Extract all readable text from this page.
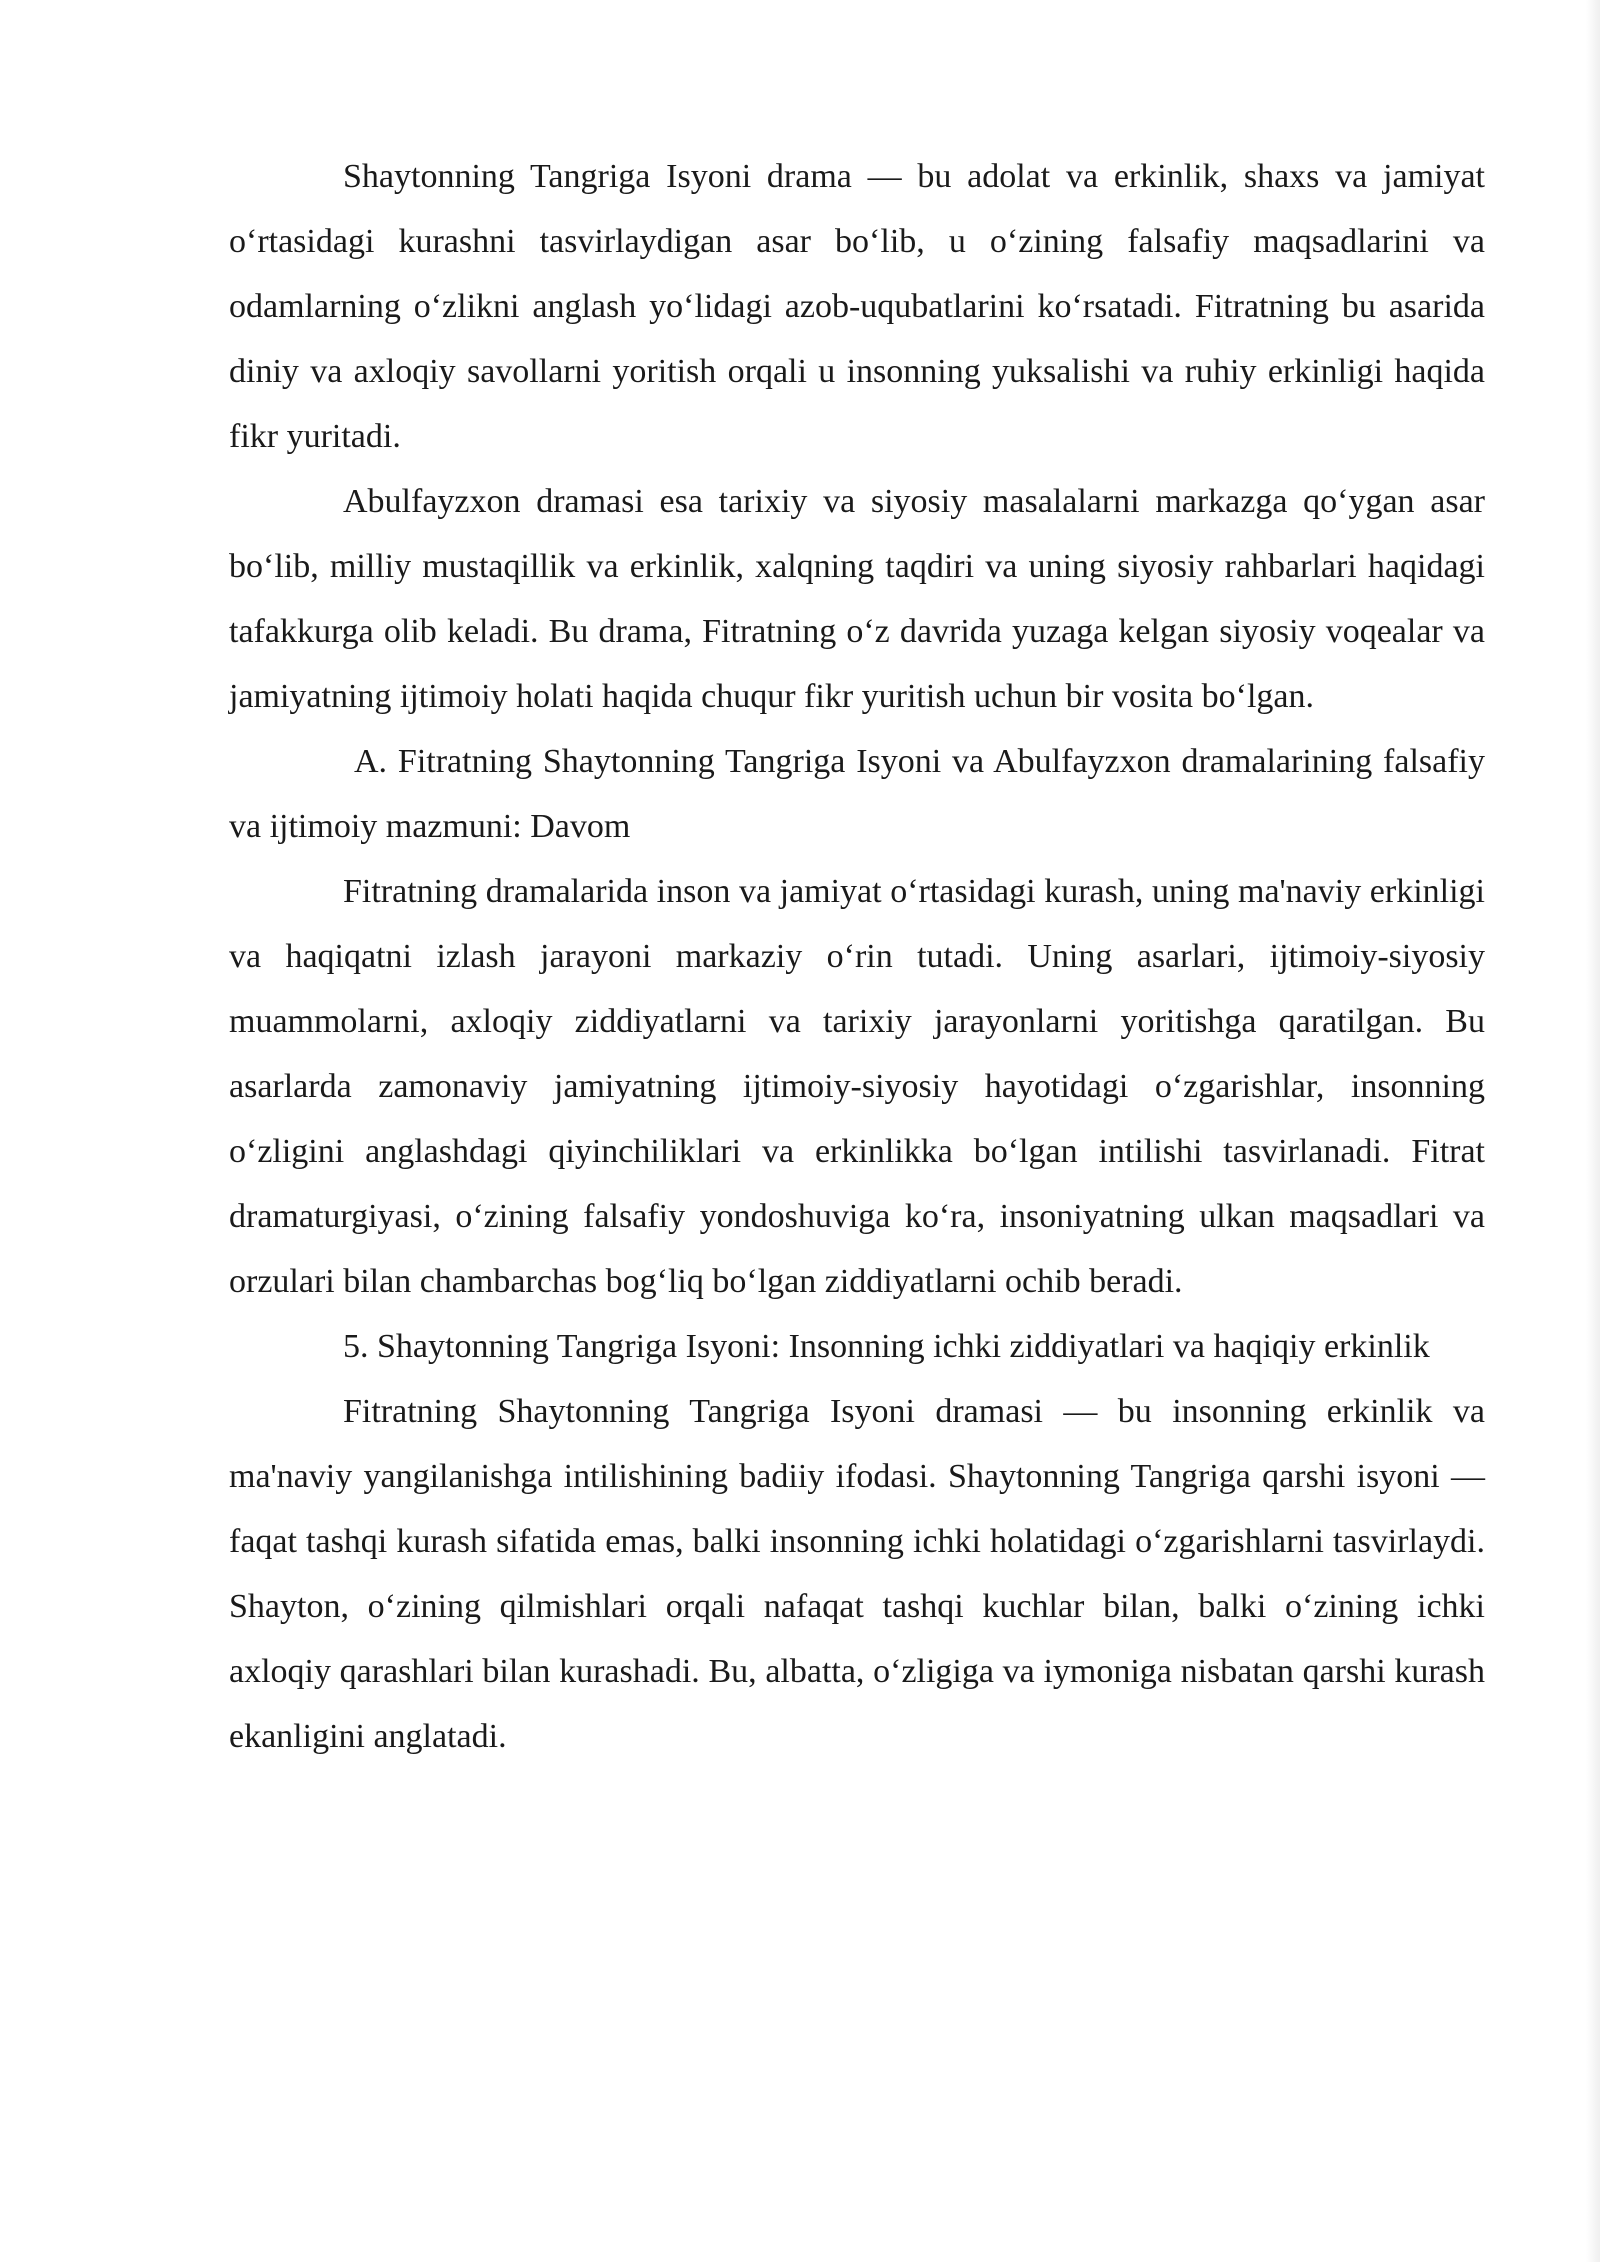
Shaytonning Tangriga Isyoni drama — bu adolat va erkinlik, shaxs va jamiyat o‘rtasidagi kurashni tasvirlaydigan asar bo‘lib, u o‘zining falsafiy maqsadlarini va odamlarning o‘zlikni anglash yo‘lidagi azob-uqubatlarini ko‘rsatadi. Fitratning bu asarida diniy va axloqiy savollarni yoritish orqali u insonning yuksalishi va ruhiy erkinligi haqida fikr yuritadi.

Abulfayzxon dramasi esa tarixiy va siyosiy masalalarni markazga qo‘ygan asar bo‘lib, milliy mustaqillik va erkinlik, xalqning taqdiri va uning siyosiy rahbarlari haqidagi tafakkurga olib keladi. Bu drama, Fitratning o‘z davrida yuzaga kelgan siyosiy voqealar va jamiyatning ijtimoiy holati haqida chuqur fikr yuritish uchun bir vosita bo‘lgan.

A. Fitratning Shaytonning Tangriga Isyoni va Abulfayzxon dramalarining falsafiy va ijtimoiy mazmuni: Davom

Fitratning dramalarida inson va jamiyat o‘rtasidagi kurash, uning ma'naviy erkinligi va haqiqatni izlash jarayoni markaziy o‘rin tutadi. Uning asarlari, ijtimoiy-siyosiy muammolarni, axloqiy ziddiyatlarni va tarixiy jarayonlarni yoritishga qaratilgan. Bu asarlarda zamonaviy jamiyatning ijtimoiy-siyosiy hayotidagi o‘zgarishlar, insonning o‘zligini anglashdagi qiyinchiliklari va erkinlikka bo‘lgan intilishi tasvirlanadi. Fitrat dramaturgiyasi, o‘zining falsafiy yondoshuviga ko‘ra, insoniyatning ulkan maqsadlari va orzulari bilan chambarchas bog‘liq bo‘lgan ziddiyatlarni ochib beradi.

5. Shaytonning Tangriga Isyoni: Insonning ichki ziddiyatlari va haqiqiy erkinlik

Fitratning Shaytonning Tangriga Isyoni dramasi — bu insonning erkinlik va ma'naviy yangilanishga intilishining badiiy ifodasi. Shaytonning Tangriga qarshi isyoni — faqat tashqi kurash sifatida emas, balki insonning ichki holatidagi o‘zgarishlarni tasvirlaydi. Shayton, o‘zining qilmishlari orqali nafaqat tashqi kuchlar bilan, balki o‘zining ichki axloqiy qarashlari bilan kurashadi. Bu, albatta, o‘zligiga va iymoniga nisbatan qarshi kurash ekanligini anglatadi.
